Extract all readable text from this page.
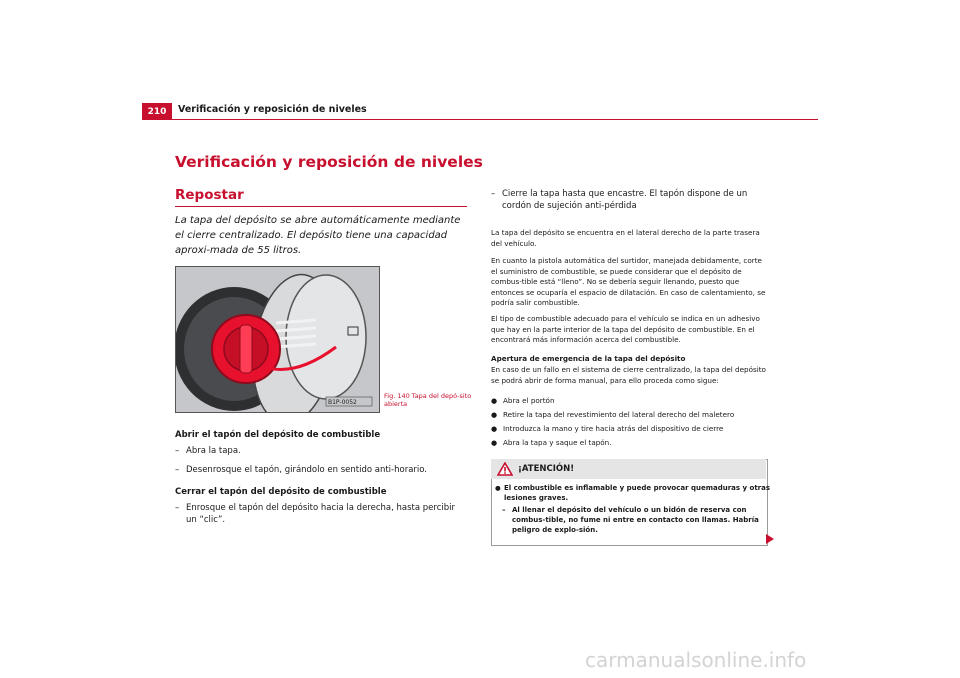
210	Verificación y reposición de niveles
Verificación y reposición de niveles
Repostar
La tapa del depósito se abre automáticamente mediante el cierre centralizado. El depósito tiene una capacidad aproxi-mada de 55 litros.
B1P-0052
Fig. 140 Tapa del depó-sito abierta
Abrir el tapón del depósito de combustible
– Abra la tapa.
– Desenrosque el tapón, girándolo en sentido anti-horario.
Cerrar el tapón del depósito de combustible
– Enrosque el tapón del depósito hacia la derecha, hasta percibir un “clic”.
– Cierre la tapa hasta que encastre. El tapón dispone de un cordón de sujeción anti-pérdida
La tapa del depósito se encuentra en el lateral derecho de la parte trasera del vehículo.
En cuanto la pistola automática del surtidor, manejada debidamente, corte el suministro de combustible, se puede considerar que el depósito de combus-tible está “lleno”. No se debería seguir llenando, puesto que entonces se ocuparía el espacio de dilatación. En caso de calentamiento, se podría salir combustible.
El tipo de combustible adecuado para el vehículo se indica en un adhesivo que hay en la parte interior de la tapa del depósito de combustible. En el encontrará más información acerca del combustible.
Apertura de emergencia de la tapa del depósito
En caso de un fallo en el sistema de cierre centralizado, la tapa del depósito se podrá abrir de forma manual, para ello proceda como sigue:
● Abra el portón
● Retire la tapa del revestimiento del lateral derecho del maletero
● Introduzca la mano y tire hacia atrás del dispositivo de cierre
● Abra la tapa y saque el tapón.
¡ATENCIÓN!
● El combustible es inflamable y puede provocar quemaduras y otras lesiones graves.
– Al llenar el depósito del vehículo o un bidón de reserva con combus-tible, no fume ni entre en contacto con llamas. Habría peligro de explo-sión.
carmanualsonline.info
